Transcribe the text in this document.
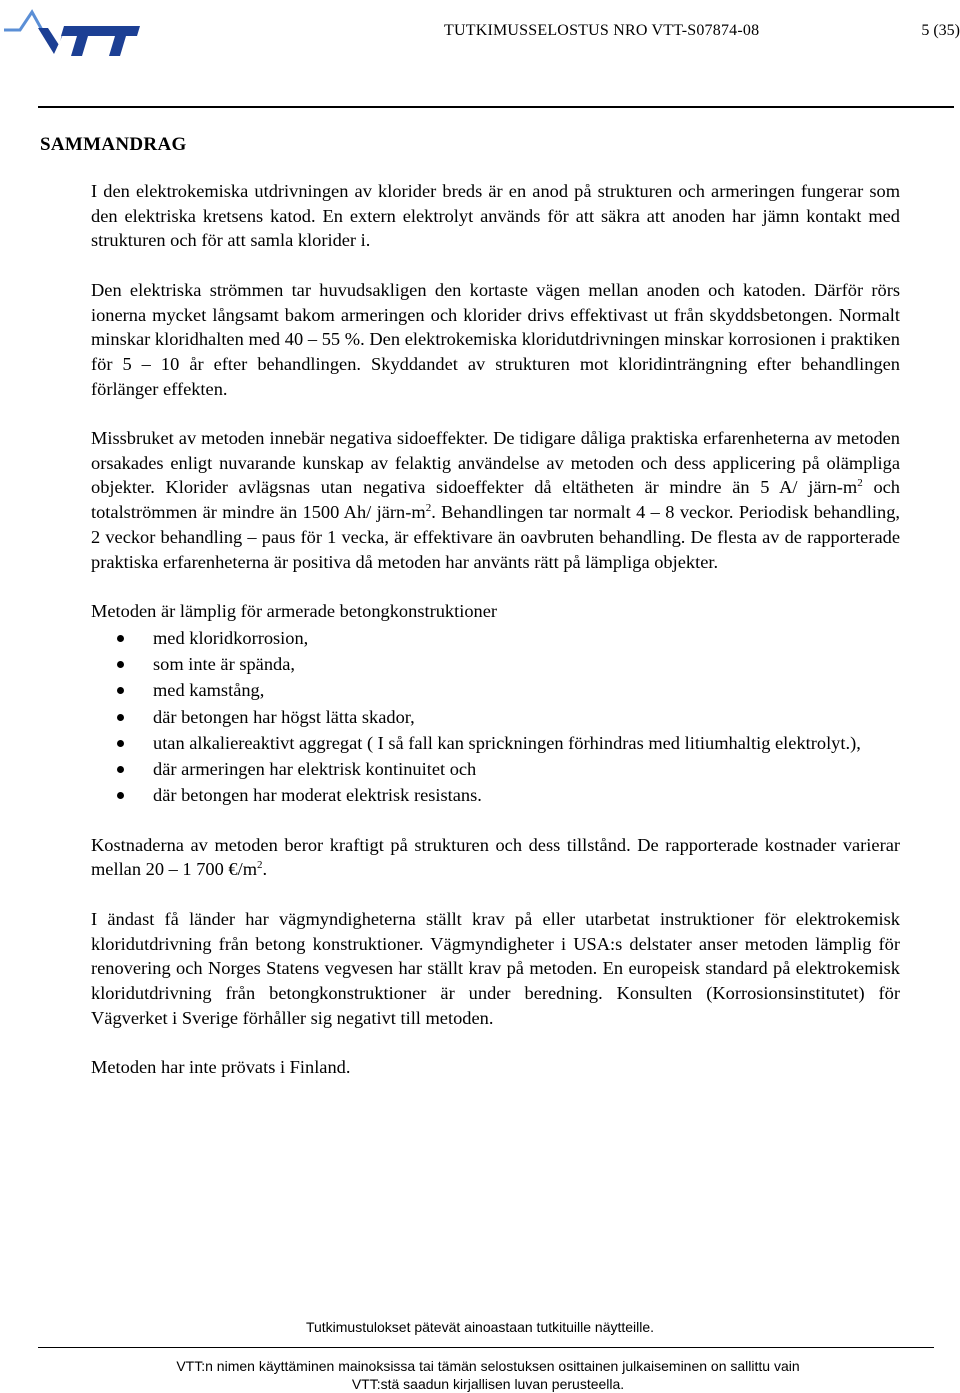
TUTKIMUSSELOSTUS NRO VTT-S07874-08	5 (35)
SAMMANDRAG

I den elektrokemiska utdrivningen av klorider breds är en anod på strukturen och armeringen fungerar som den elektriska kretsens katod. En extern elektrolyt används för att säkra att anoden har jämn kontakt med strukturen och för att samla klorider i.

Den elektriska strömmen tar huvudsakligen den kortaste vägen mellan anoden och katoden. Därför rörs ionerna mycket långsamt bakom armeringen och klorider drivs effektivast ut från skyddsbetongen. Normalt minskar kloridhalten med 40 – 55 %. Den elektrokemiska kloridutdrivningen minskar korrosionen i praktiken för 5 – 10 år efter behandlingen. Skyddandet av strukturen mot kloridinträngning efter behandlingen förlänger effekten.

Missbruket av metoden innebär negativa sidoeffekter. De tidigare dåliga praktiska erfarenheterna av metoden orsakades enligt nuvarande kunskap av felaktig användelse av metoden och dess applicering på olämpliga objekter. Klorider avlägsnas utan negativa sidoeffekter då eltätheten är mindre än 5 A/ järn-$m^2$ och totalströmmen är mindre än 1500 Ah/ järn-$m^2$. Behandlingen tar normalt 4 – 8 veckor. Periodisk behandling, 2 veckor behandling – paus för 1 vecka, är effektivare än oavbruten behandling. De flesta av de rapporterade praktiska erfarenheterna är positiva då metoden har använts rätt på lämpliga objekter.

Metoden är lämplig för armerade betongkonstruktioner
med kloridkorrosion,
som inte är spända,
med kamstång,
där betongen har högst lätta skador,
utan alkaliereaktivt aggregat ( I så fall kan sprickningen förhindras med litiumhaltig elektrolyt.),
där armeringen har elektrisk kontinuitet och
där betongen har moderat elektrisk resistans.

Kostnaderna av metoden beror kraftigt på strukturen och dess tillstånd. De rapporterade kostnader varierar mellan 20 – 1 700 $€/m^2$.

I ändast få länder har vägmyndigheterna ställt krav på eller utarbetat instruktioner för elektrokemisk kloridutdrivning från betong konstruktioner. Vägmyndigheter i USA:s delstater anser metoden lämplig för renovering och Norges Statens vegvesen har ställt krav på metoden. En europeisk standard på elektrokemisk kloridutdrivning från betongkonstruktioner är under beredning. Konsulten (Korrosionsinstitutet) för Vägverket i Sverige förhåller sig negativt till metoden.

Metoden har inte prövats i Finland.

Tutkimustulokset pätevät ainoastaan tutkituille näytteille.
VTT:n nimen käyttäminen mainoksissa tai tämän selostuksen osittainen julkaiseminen on sallittu vain
VTT:stä saadun kirjallisen luvan perusteella.
